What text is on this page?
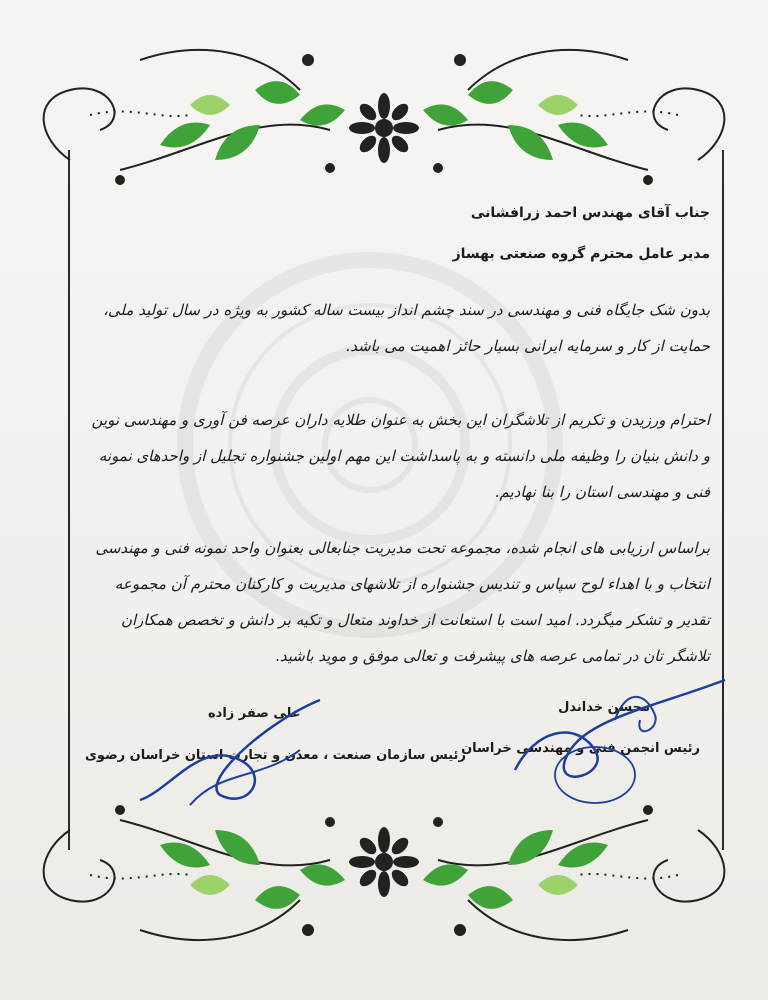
جناب آقای مهندس احمد زرافشانی
مدیر عامل محترم گروه صنعتی بهساز
بدون شک جایگاه فنی و مهندسی در سند چشم انداز بیست ساله کشور به ویژه در سال تولید ملی، حمایت از کار و سرمایه ایرانی بسیار حائز اهمیت می باشد.
احترام ورزیدن و تکریم از تلاشگران این بخش به عنوان طلایه داران عرصه فن آوری و مهندسی نوین و دانش بنیان را وظیفه ملی دانسته و به پاسداشت این مهم اولین جشنواره تجلیل از واحدهای نمونه فنی و مهندسی استان را بنا نهادیم.
براساس ارزیابی های انجام شده، مجموعه تحت مدیریت جنابعالی بعنوان واحد نمونه فنی و مهندسی انتخاب و با اهداء لوح سپاس و تندیس جشنواره از تلاشهای مدیریت و کارکنان محترم آن مجموعه تقدیر و تشکر میگردد. امید است با استعانت از خداوند متعال و تکیه بر دانش و تخصص همکاران تلاشگر تان در تمامی عرصه های پیشرفت و تعالی موفق و موید باشید.
محسن خداندل
رئیس انجمن فنی و مهندسی خراسان
علی صفر زاده
رئیس سازمان صنعت ، معدن و تجارت استان خراسان رضوی
